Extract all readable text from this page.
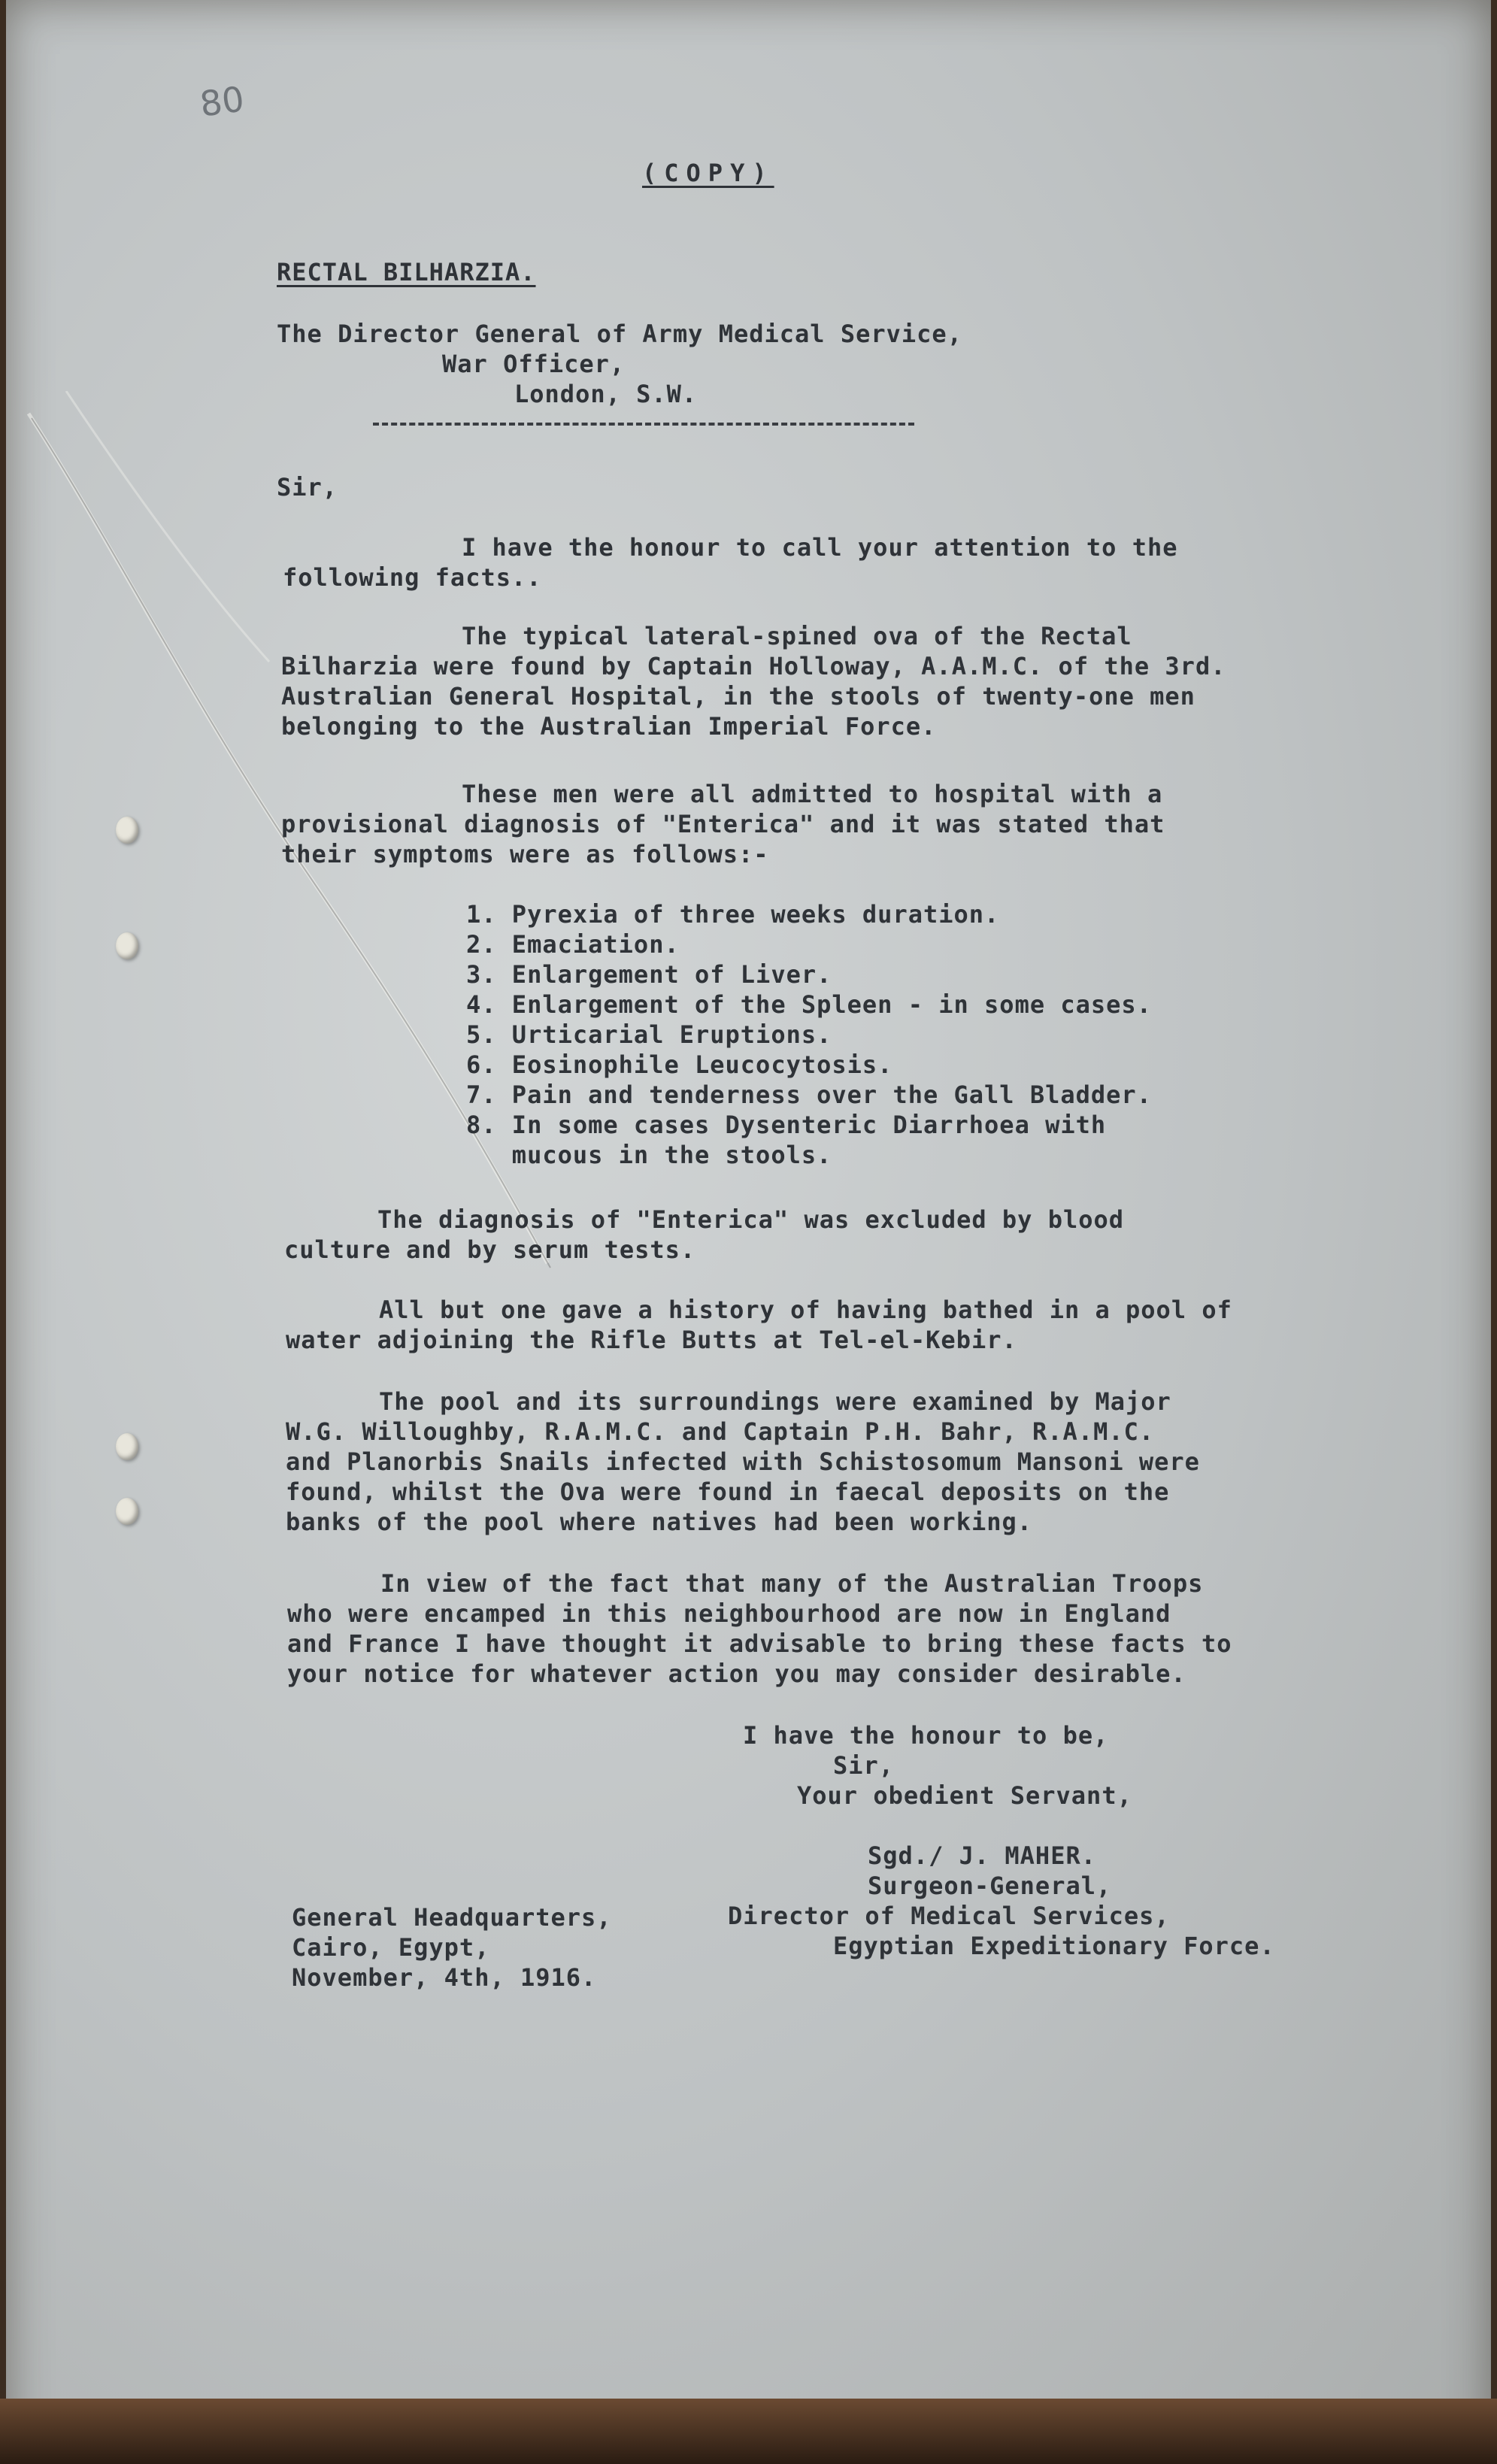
80
(COPY)
RECTAL BILHARZIA.
The Director General of Army Medical Service,
War Officer,
London, S.W.
Sir,
I have the honour to call your attention to the
following facts..
The typical lateral-spined ova of the Rectal
Bilharzia were found by Captain Holloway, A.A.M.C. of the 3rd.
Australian General Hospital, in the stools of twenty-one men
belonging to the Australian Imperial Force.
These men were all admitted to hospital with a
provisional diagnosis of "Enterica" and it was stated that
their symptoms were as follows:-
1. Pyrexia of three weeks duration.
2. Emaciation.
3. Enlargement of Liver.
4. Enlargement of the Spleen - in some cases.
5. Urticarial Eruptions.
6. Eosinophile Leucocytosis.
7. Pain and tenderness over the Gall Bladder.
8. In some cases Dysenteric Diarrhoea with
mucous in the stools.
The diagnosis of "Enterica" was excluded by blood
culture and by serum tests.
All but one gave a history of having bathed in a pool of
water adjoining the Rifle Butts at Tel-el-Kebir.
The pool and its surroundings were examined by Major
W.G. Willoughby, R.A.M.C. and Captain P.H. Bahr, R.A.M.C.
and Planorbis Snails infected with Schistosomum Mansoni were
found, whilst the Ova were found in faecal deposits on the
banks of the pool where natives had been working.
In view of the fact that many of the Australian Troops
who were encamped in this neighbourhood are now in England
and France I have thought it advisable to bring these facts to
your notice for whatever action you may consider desirable.
I have the honour to be,
Sir,
Your obedient Servant,
Sgd./ J. MAHER.
Surgeon-General,
Director of Medical Services,
Egyptian Expeditionary Force.
General Headquarters,
Cairo, Egypt,
November, 4th, 1916.
